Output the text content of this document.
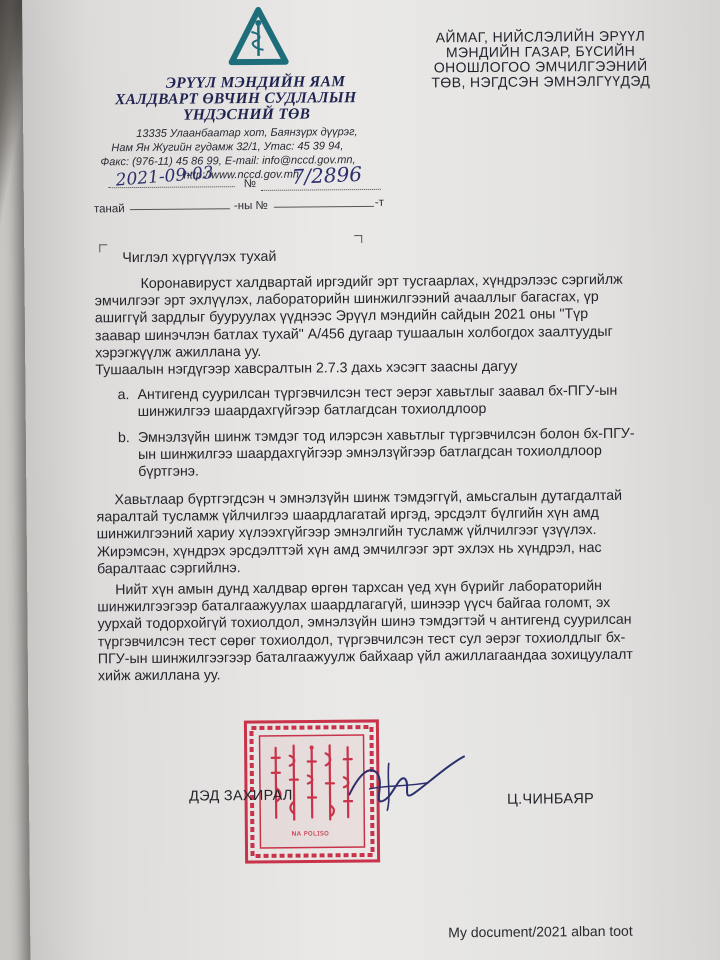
ЭРҮҮЛ МЭНДИЙН ЯАМ
ХАЛДВАРТ ӨВЧИН СУДЛАЛЫН
ҮНДЭСНИЙ ТӨВ
13335 Улаанбаатар хот, Баянзүрх дүүрэг,
Нам Ян Жугийн гудамж 32/1, Утас: 45 39 94,
Факс: (976-11) 45 86 99, E-mail: info@nccd.gov.mn,
http://www.nccd.gov.mn
2021-09-03	№ 7/2896
танай	-ны №	-т
АЙМАГ, НИЙСЛЭЛИЙН ЭРҮҮЛ
МЭНДИЙН ГАЗАР, БҮСИЙН
ОНОШЛОГОО ЭМЧИЛГЭЭНИЙ
ТӨВ, НЭГДСЭН ЭМНЭЛГҮҮДЭД
Чиглэл хүргүүлэх тухай
Коронавируст халдвартай иргэдийг эрт тусгаарлах, хүндрэлээс сэргийлж
эмчилгээг эрт эхлүүлэх, лабораторийн шинжилгээний ачааллыг багасгах, үр
ашиггүй зардлыг бууруулах үүднээс Эрүүл мэндийн сайдын 2021 оны "Түр
заавар шинэчлэн батлах тухай" А/456 дугаар тушаалын холбогдох заалтуудыг
хэрэгжүүлж ажиллана уу.
Тушаалын нэгдүгээр хавсралтын 2.7.3 дахь хэсэгт заасны дагуу
a. Антигенд суурилсан түргэвчилсэн тест эерэг хавьтлыг заавал бх-ПГУ-ын
шинжилгээ шаардахгүйгээр батлагдсан тохиолдлоор
b. Эмнэлзүйн шинж тэмдэг тод илэрсэн хавьтлыг түргэвчилсэн болон бх-ПГУ-
ын шинжилгээ шаардахгүйгээр эмнэлзүйгээр батлагдсан тохиолдлоор
бүртгэнэ.
Хавьтлаар бүртгэгдсэн ч эмнэлзүйн шинж тэмдэггүй, амьсгалын дутагдалтай
яаралтай тусламж үйлчилгээ шаардлагатай иргэд, эрсдэлт бүлгийн хүн амд
шинжилгээний хариу хүлээхгүйгээр эмнэлгийн тусламж үйлчилгээг үзүүлэх.
Жирэмсэн, хүндрэх эрсдэлттэй хүн амд эмчилгээг эрт эхлэх нь хүндрэл, нас
баралтаас сэргийлнэ.
Нийт хүн амын дунд халдвар өргөн тархсан үед хүн бүрийг лабораторийн
шинжилгээгээр баталгаажуулах шаардлагагүй, шинээр үүсч байгаа голомт, эх
уурхай тодорхойгүй тохиолдол, эмнэлзүйн шинэ тэмдэгтэй ч антигенд суурилсан
түргэвчилсэн тест сөрөг тохиолдол, түргэвчилсэн тест сул эерэг тохиолдлыг бх-
ПГУ-ын шинжилгээгээр баталгаажуулж байхаар үйл ажиллагаандаа зохицуулалт
хийж ажиллана уу.
ɴᴀ ᴘᴏʟɪsᴏ
ДЭД ЗАХИРАЛ	Ц.ЧИНБАЯР
My document/2021 alban toot
